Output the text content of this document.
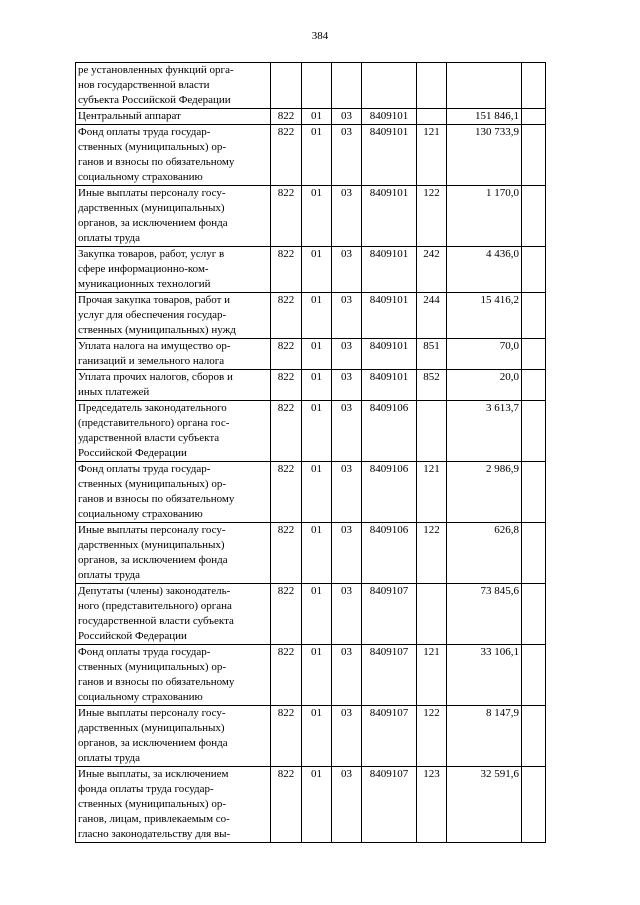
384
ре установленных функций орга-
нов государственной власти
субъекта Российской Федерации							
Центральный аппарат	822	01	03	8409101		151 846,1	
Фонд оплаты труда государ-
ственных (муниципальных) ор-
ганов и взносы по обязательному
социальному страхованию	822	01	03	8409101	121	130 733,9	
Иные выплаты персоналу госу-
дарственных (муниципальных)
органов, за исключением фонда
оплаты труда	822	01	03	8409101	122	1 170,0	
Закупка товаров, работ, услуг в
сфере информационно-ком-
муникационных технологий	822	01	03	8409101	242	4 436,0	
Прочая закупка товаров, работ и
услуг для обеспечения государ-
ственных (муниципальных) нужд	822	01	03	8409101	244	15 416,2	
Уплата налога на имущество ор-
ганизаций и земельного налога	822	01	03	8409101	851	70,0	
Уплата прочих налогов, сборов и
иных платежей	822	01	03	8409101	852	20,0	
Председатель законодательного
(представительного) органа гос-
ударственной власти субъекта
Российской Федерации	822	01	03	8409106		3 613,7	
Фонд оплаты труда государ-
ственных (муниципальных) ор-
ганов и взносы по обязательному
социальному страхованию	822	01	03	8409106	121	2 986,9	
Иные выплаты персоналу госу-
дарственных (муниципальных)
органов, за исключением фонда
оплаты труда	822	01	03	8409106	122	626,8	
Депутаты (члены) законодатель-
ного (представительного) органа
государственной власти субъекта
Российской Федерации	822	01	03	8409107		73 845,6	
Фонд оплаты труда государ-
ственных (муниципальных) ор-
ганов и взносы по обязательному
социальному страхованию	822	01	03	8409107	121	33 106,1	
Иные выплаты персоналу госу-
дарственных (муниципальных)
органов, за исключением фонда
оплаты труда	822	01	03	8409107	122	8 147,9	
Иные выплаты, за исключением
фонда оплаты труда государ-
ственных (муниципальных) ор-
ганов, лицам, привлекаемым со-
гласно законодательству для вы-	822	01	03	8409107	123	32 591,6	
